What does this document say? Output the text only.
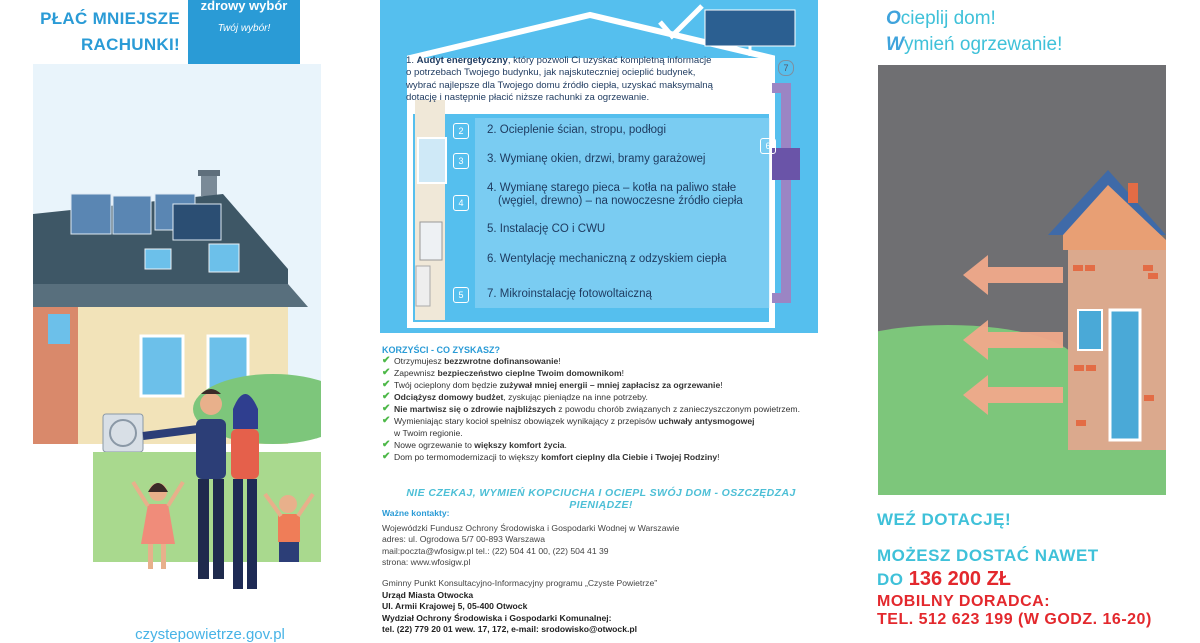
PŁAĆ MNIEJSZE
RACHUNKI!
zdrowy wybór
Twój wybór!
czystepowietrze.gov.pl
1. Audyt energetyczny, który pozwoli Ci uzyskać kompletną informacje
o potrzebach Twojego budynku, jak najskuteczniej ocieplić budynek,
wybrać najlepsze dla Twojego domu źródło ciepła, uzyskać maksymalną
dotację i następnie płacić niższe rachunki za ogrzewanie.
2
3
4
5
7
6
2. Ocieplenie ścian, stropu, podłogi
3. Wymianę okien, drzwi, bramy garażowej
4. Wymianę starego pieca – kotła na paliwo stałe
(węgiel, drewno) – na nowoczesne źródło ciepła
5. Instalację CO i CWU
6. Wentylację mechaniczną z odzyskiem ciepła
7. Mikroinstalację fotowoltaiczną
KORZYŚCI - CO ZYSKASZ?
✔ Otrzymujesz bezzwrotne dofinansowanie!
✔ Zapewnisz bezpieczeństwo cieplne Twoim domownikom!
✔ Twój ocieplony dom będzie zużywał mniej energii – mniej zapłacisz za ogrzewanie!
✔ Odciążysz domowy budżet, zyskując pieniądze na inne potrzeby.
✔ Nie martwisz się o zdrowie najbliższych z powodu chorób związanych z zanieczyszczonym powietrzem.
✔ Wymieniając stary kocioł spełnisz obowiązek wynikający z przepisów uchwały antysmogowej
w Twoim regionie.
✔ Nowe ogrzewanie to większy komfort życia.
✔ Dom po termomodernizacji to większy komfort cieplny dla Ciebie i Twojej Rodziny!
NIE CZEKAJ, WYMIEŃ KOPCIUCHA I OCIEPL SWÓJ DOM - OSZCZĘDZAJ PIENIĄDZE!
Ważne kontakty:
Wojewódzki Fundusz Ochrony Środowiska i Gospodarki Wodnej w Warszawie
adres: ul. Ogrodowa 5/7 00-893 Warszawa
mail:poczta@wfosigw.pl tel.: (22) 504 41 00, (22) 504 41 39
strona: www.wfosigw.pl
Gminny Punkt Konsultacyjno-Informacyjny programu „Czyste Powietrze”
Urząd Miasta Otwocka
Ul. Armii Krajowej 5, 05-400 Otwock
Wydział Ochrony Środowiska i Gospodarki Komunalnej:
tel. (22) 779 20 01 wew. 17, 172, e-mail: srodowisko@otwock.pl
Ocieplij dom!
Wymień ogrzewanie!
WEŹ DOTACJĘ!
MOŻESZ DOSTAĆ NAWET
DO 136 200 ZŁ
MOBILNY DORADCA:
TEL. 512 623 199 (W GODZ. 16-20)
